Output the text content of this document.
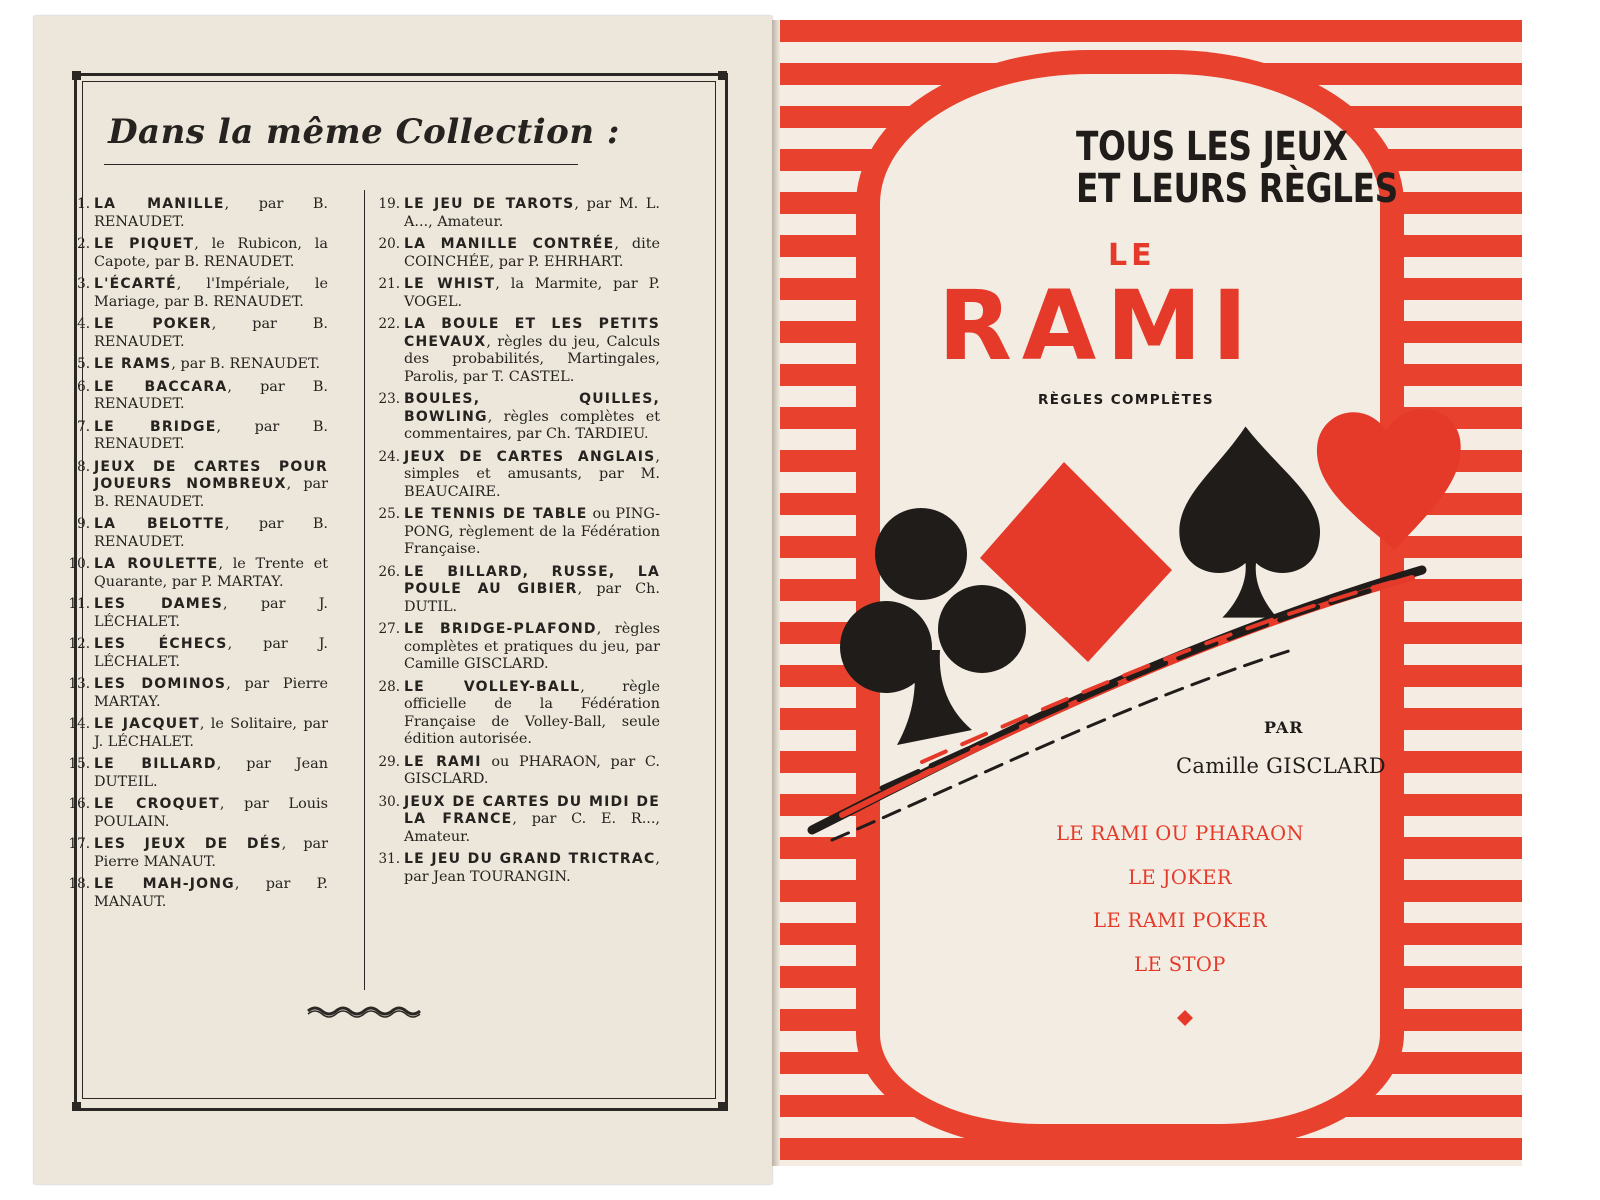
Dans la même Collection :
1. LA MANILLE, par B. RENAUDET.
2. LE PIQUET, le Rubicon, la Capote, par B. RENAUDET.
3. L'ÉCARTÉ, l'Impériale, le Mariage, par B. RENAUDET.
4. LE POKER, par B. RENAUDET.
5. LE RAMS, par B. RENAUDET.
6. LE BACCARA, par B. RENAUDET.
7. LE BRIDGE, par B. RENAUDET.
8. JEUX DE CARTES POUR JOUEURS NOMBREUX, par B. RENAUDET.
9. LA BELOTTE, par B. RENAUDET.
10. LA ROULETTE, le Trente et Quarante, par P. MARTAY.
11. LES DAMES, par J. LÉCHALET.
12. LES ÉCHECS, par J. LÉCHALET.
13. LES DOMINOS, par Pierre MARTAY.
14. LE JACQUET, le Solitaire, par J. LÉCHALET.
15. LE BILLARD, par Jean DUTEIL.
16. LE CROQUET, par Louis POULAIN.
17. LES JEUX DE DÉS, par Pierre MANAUT.
18. LE MAH-JONG, par P. MANAUT.
19. LE JEU DE TAROTS, par M. L. A..., Amateur.
20. LA MANILLE CONTRÉE, dite COINCHÉE, par P. EHRHART.
21. LE WHIST, la Marmite, par P. VOGEL.
22. LA BOULE ET LES PETITS CHEVAUX, règles du jeu, Calculs des probabilités, Martingales, Parolis, par T. CASTEL.
23. BOULES, QUILLES, BOWLING, règles complètes et commentaires, par Ch. TARDIEU.
24. JEUX DE CARTES ANGLAIS, simples et amusants, par M. BEAUCAIRE.
25. LE TENNIS DE TABLE ou PING-PONG, règlement de la Fédération Française.
26. LE BILLARD, RUSSE, LA POULE AU GIBIER, par Ch. DUTIL.
27. LE BRIDGE-PLAFOND, règles complètes et pratiques du jeu, par Camille GISCLARD.
28. LE VOLLEY-BALL, règle officielle de la Fédération Française de Volley-Ball, seule édition autorisée.
29. LE RAMI ou PHARAON, par C. GISCLARD.
30. JEUX DE CARTES DU MIDI DE LA FRANCE, par C. E. R..., Amateur.
31. LE JEU DU GRAND TRICTRAC, par Jean TOURANGIN.
TOUS LES JEUX
ET LEURS RÈGLES
LE
RAMI
RÈGLES COMPLÈTES
PAR
Camille GISCLARD
LE RAMI OU PHARAON
LE JOKER
LE RAMI POKER
LE STOP
